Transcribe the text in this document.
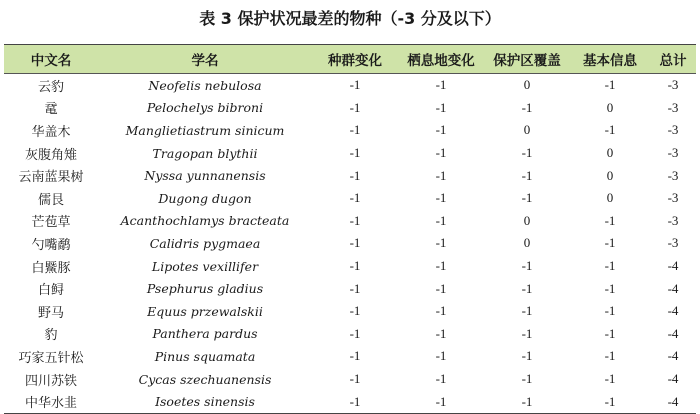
表 3 保护状况最差的物种（-3 分及以下）
中文名	学名	种群变化	栖息地变化	保护区覆盖	基本信息	总计
云豹	Neofelis nebulosa	-1	-1	0	-1	-3
鼋	Pelochelys bibroni	-1	-1	-1	0	-3
华盖木	Manglietiastrum sinicum	-1	-1	0	-1	-3
灰腹角雉	Tragopan blythii	-1	-1	-1	0	-3
云南蓝果树	Nyssa yunnanensis	-1	-1	-1	0	-3
儒艮	Dugong dugon	-1	-1	-1	0	-3
芒苞草	Acanthochlamys bracteata	-1	-1	0	-1	-3
勺嘴鹬	Calidris pygmaea	-1	-1	0	-1	-3
白鱀豚	Lipotes vexillifer	-1	-1	-1	-1	-4
白鲟	Psephurus gladius	-1	-1	-1	-1	-4
野马	Equus przewalskii	-1	-1	-1	-1	-4
豹	Panthera pardus	-1	-1	-1	-1	-4
巧家五针松	Pinus squamata	-1	-1	-1	-1	-4
四川苏铁	Cycas szechuanensis	-1	-1	-1	-1	-4
中华水韭	Isoetes sinensis	-1	-1	-1	-1	-4
